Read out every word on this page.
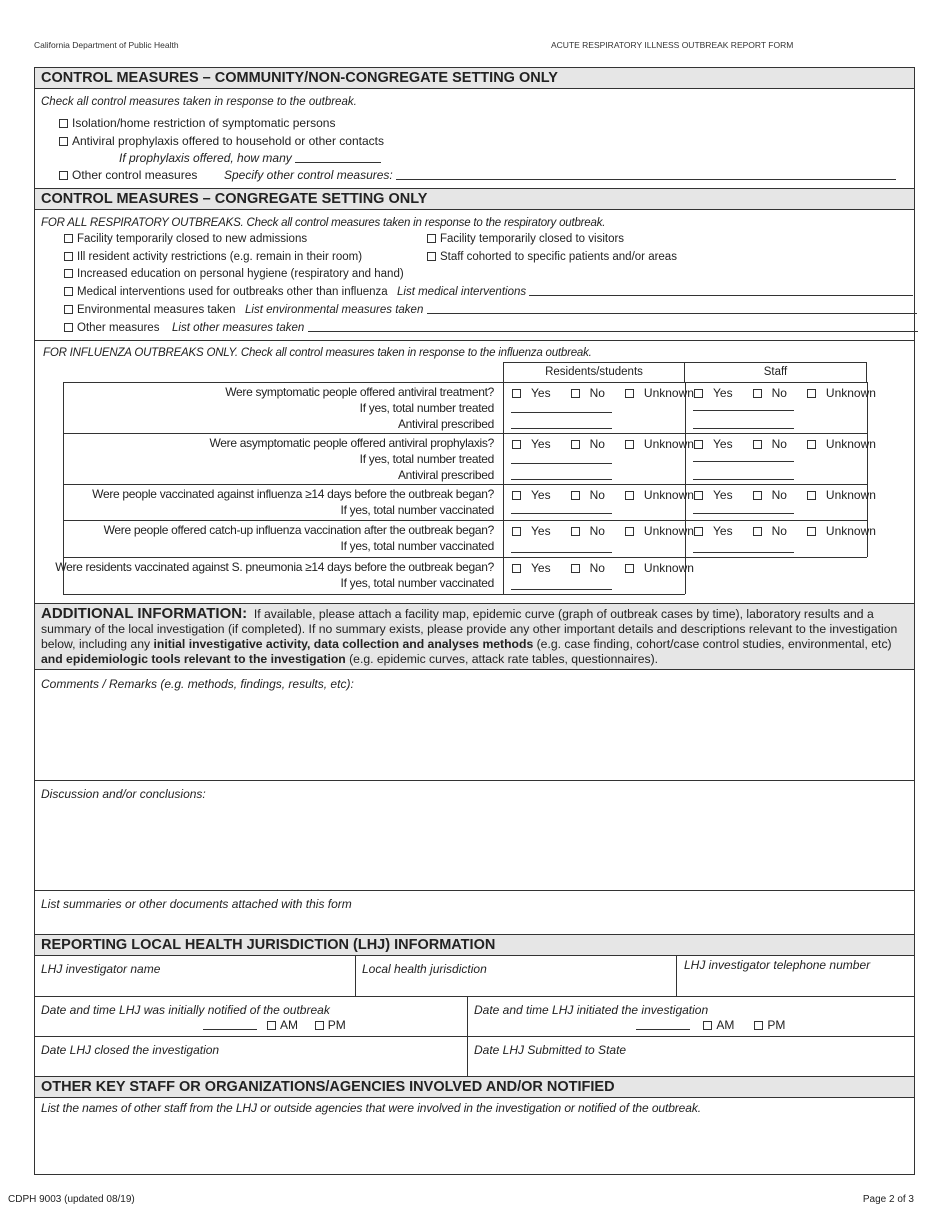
California Department of Public Health	ACUTE RESPIRATORY ILLNESS OUTBREAK REPORT FORM
CONTROL MEASURES – COMMUNITY/NON-CONGREGATE SETTING ONLY
Check all control measures taken in response to the outbreak.
Isolation/home restriction of symptomatic persons
Antiviral prophylaxis offered to household or other contacts
If prophylaxis offered, how many
Other control measures Specify other control measures:
CONTROL MEASURES – CONGREGATE SETTING ONLY
FOR ALL RESPIRATORY OUTBREAKS. Check all control measures taken in response to the respiratory outbreak.
Facility temporarily closed to new admissions	Facility temporarily closed to visitors
Ill resident activity restrictions (e.g. remain in their room)	Staff cohorted to specific patients and/or areas
Increased education on personal hygiene (respiratory and hand)
Medical interventions used for outbreaks other than influenza List medical interventions
Environmental measures taken List environmental measures taken
Other measures List other measures taken
FOR INFLUENZA OUTBREAKS ONLY. Check all control measures taken in response to the influenza outbreak.
Residents/students	Staff
Were symptomatic people offered antiviral treatment?
If yes, total number treated
Antiviral prescribed
Yes	No	Unknown	Yes	No	Unknown
Were asymptomatic people offered antiviral prophylaxis?
If yes, total number treated
Antiviral prescribed
Yes	No	Unknown	Yes	No	Unknown
Were people vaccinated against influenza ≥14 days before the outbreak began?
If yes, total number vaccinated
Yes	No	Unknown	Yes	No	Unknown
Were people offered catch-up influenza vaccination after the outbreak began?
If yes, total number vaccinated
Yes	No	Unknown	Yes	No	Unknown
Were residents vaccinated against S. pneumonia ≥14 days before the outbreak began?
If yes, total number vaccinated
Yes	No	Unknown
ADDITIONAL INFORMATION: If available, please attach a facility map, epidemic curve (graph of outbreak cases by time), laboratory results and a summary of the local investigation (if completed). If no summary exists, please provide any other important details and descriptions relevant to the investigation below, including any initial investigative activity, data collection and analyses methods (e.g. case finding, cohort/case control studies, environmental, etc) and epidemiologic tools relevant to the investigation (e.g. epidemic curves, attack rate tables, questionnaires).
Comments / Remarks (e.g. methods, findings, results, etc):
Discussion and/or conclusions:
List summaries or other documents attached with this form
REPORTING LOCAL HEALTH JURISDICTION (LHJ) INFORMATION
LHJ investigator name	Local health jurisdiction	LHJ investigator telephone number
Date and time LHJ was initially notified of the outbreak
AM PM
Date and time LHJ initiated the investigation
AM	PM
Date LHJ closed the investigation	Date LHJ Submitted to State
OTHER KEY STAFF OR ORGANIZATIONS/AGENCIES INVOLVED AND/OR NOTIFIED
List the names of other staff from the LHJ or outside agencies that were involved in the investigation or notified of the outbreak.
CDPH 9003 (updated 08/19)	Page 2 of 3
